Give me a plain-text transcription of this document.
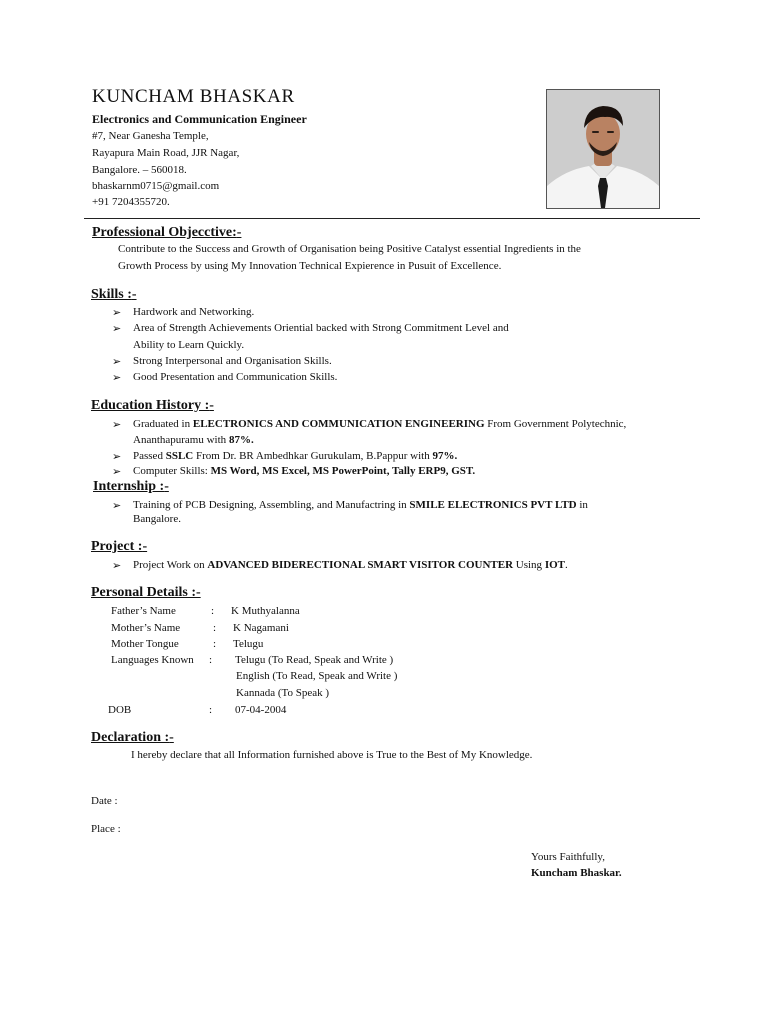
KUNCHAM BHASKAR
Electronics and Communication Engineer
#7, Near Ganesha Temple,
Rayapura Main Road, JJR Nagar,
Bangalore. – 560018.
bhaskarnm0715@gmail.com
+91 7204355720.
Professional Objecctive:-
Contribute to the Success and Growth of Organisation being Positive Catalyst essential Ingredients in the
Growth Process by using My Innovation Technical Expierence in Pusuit of Excellence.
Skills :-
➢ Hardwork and Networking.
➢ Area of Strength Achievements Oriential backed with Strong Commitment Level and
Ability to Learn Quickly.
➢ Strong Interpersonal and Organisation Skills.
➢ Good Presentation and Communication Skills.
Education History :-
➢ Graduated in ELECTRONICS AND COMMUNICATION ENGINEERING From Government Polytechnic,
Ananthapuramu with 87%.
➢ Passed SSLC From Dr. BR Ambedhkar Gurukulam, B.Pappur with 97%.
➢ Computer Skills: MS Word, MS Excel, MS PowerPoint, Tally ERP9, GST.
Internship :-
➢ Training of PCB Designing, Assembling, and Manufactring in SMILE ELECTRONICS PVT LTD in
Bangalore.
Project :-
➢ Project Work on ADVANCED BIDERECTIONAL SMART VISITOR COUNTER Using IOT.
Personal Details :-
Father’s Name	: K Muthyalanna
Mother’s Name	: K Nagamani
Mother Tongue	: Telugu
Languages Known : Telugu (To Read, Speak and Write )
English (To Read, Speak and Write )
Kannada (To Speak )
DOB	: 07-04-2004
Declaration :-
I hereby declare that all Information furnished above is True to the Best of My Knowledge.
Date :
Place :
Yours Faithfully,
Kuncham Bhaskar.
